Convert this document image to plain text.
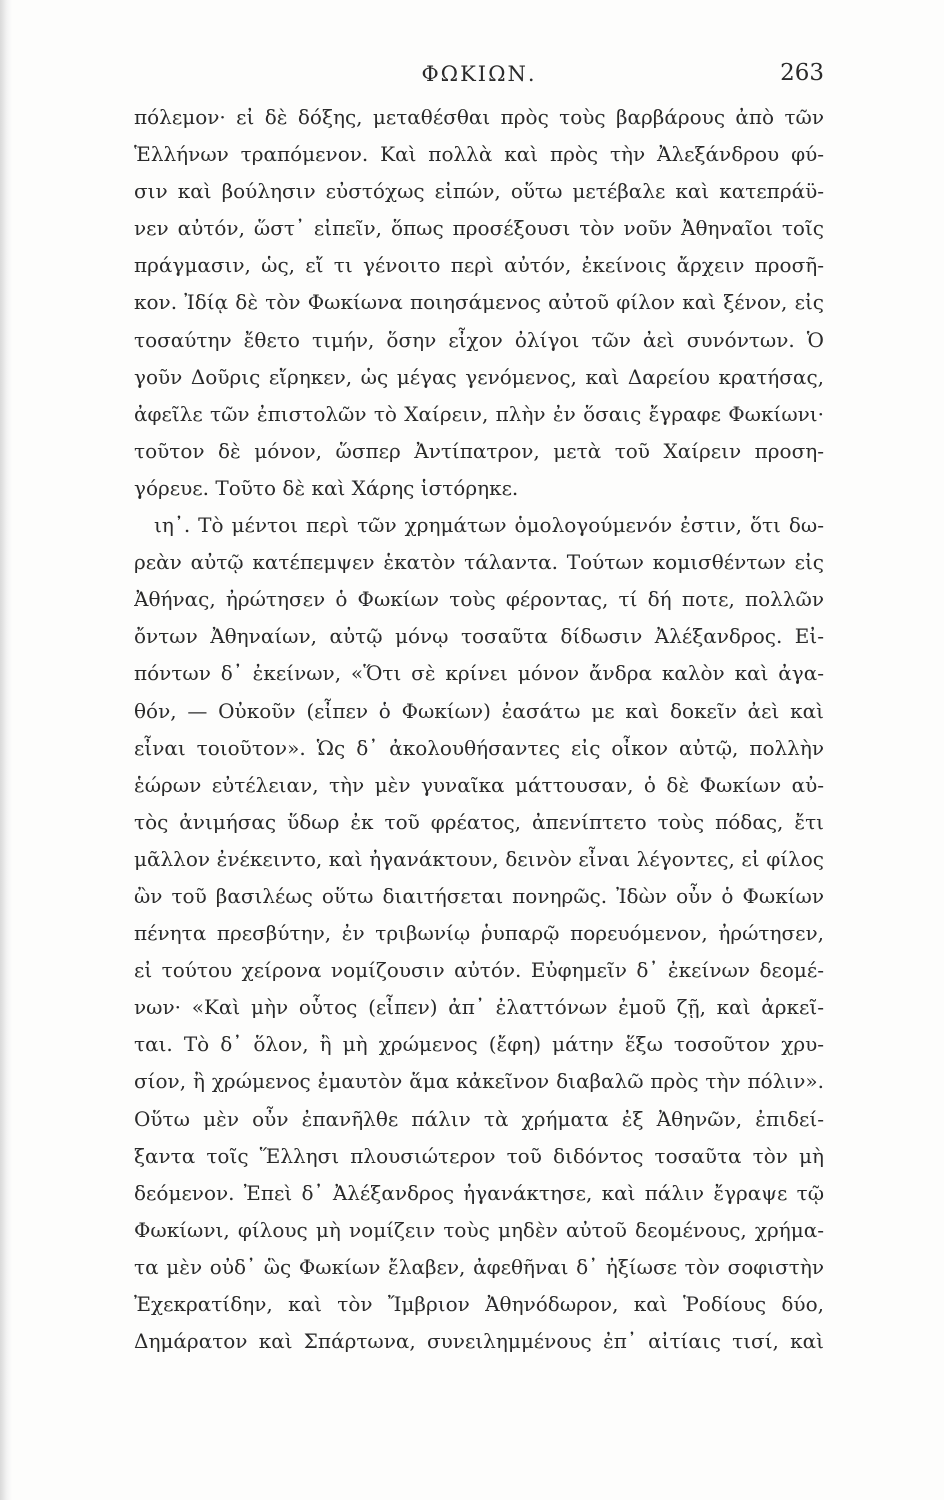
ΦΩΚΙΩΝ.	263
πόλεμον· εἰ δὲ δόξης, μεταθέσθαι πρὸς τοὺς βαρβάρους ἀπὸ τῶν
Ἑλλήνων τραπόμενον. Καὶ πολλὰ καὶ πρὸς τὴν Ἀλεξάνδρου φύ-
σιν καὶ βούλησιν εὐστόχως εἰπών, οὕτω μετέβαλε καὶ κατεπράϋ-
νεν αὐτόν, ὥστ᾽ εἰπεῖν, ὅπως προσέξουσι τὸν νοῦν Ἀθηναῖοι τοῖς
πράγμασιν, ὡς, εἴ τι γένοιτο περὶ αὐτόν, ἐκείνοις ἄρχειν προσῆ-
κον. Ἰδίᾳ δὲ τὸν Φωκίωνα ποιησάμενος αὐτοῦ φίλον καὶ ξένον, εἰς
τοσαύτην ἔθετο τιμήν, ὅσην εἶχον ὀλίγοι τῶν ἀεὶ συνόντων. Ὁ
γοῦν Δοῦρις εἴρηκεν, ὡς μέγας γενόμενος, καὶ Δαρείου κρατήσας,
ἀφεῖλε τῶν ἐπιστολῶν τὸ Χαίρειν, πλὴν ἐν ὅσαις ἔγραφε Φωκίωνι·
τοῦτον δὲ μόνον, ὥσπερ Ἀντίπατρον, μετὰ τοῦ Χαίρειν προση-
γόρευε. Τοῦτο δὲ καὶ Χάρης ἱστόρηκε.
ιη᾽. Τὸ μέντοι περὶ τῶν χρημάτων ὁμολογούμενόν ἐστιν, ὅτι δω-
ρεὰν αὐτῷ κατέπεμψεν ἑκατὸν τάλαντα. Τούτων κομισθέντων εἰς
Ἀθήνας, ἠρώτησεν ὁ Φωκίων τοὺς φέροντας, τί δή ποτε, πολλῶν
ὄντων Ἀθηναίων, αὐτῷ μόνῳ τοσαῦτα δίδωσιν Ἀλέξανδρος. Εἰ-
πόντων δ᾽ ἐκείνων, «Ὅτι σὲ κρίνει μόνον ἄνδρα καλὸν καὶ ἀγα-
θόν, — Οὐκοῦν (εἶπεν ὁ Φωκίων) ἐασάτω με καὶ δοκεῖν ἀεὶ καὶ
εἶναι τοιοῦτον». Ὡς δ᾽ ἀκολουθήσαντες εἰς οἶκον αὐτῷ, πολλὴν
ἑώρων εὐτέλειαν, τὴν μὲν γυναῖκα μάττουσαν, ὁ δὲ Φωκίων αὐ-
τὸς ἀνιμήσας ὕδωρ ἐκ τοῦ φρέατος, ἀπενίπτετο τοὺς πόδας, ἔτι
μᾶλλον ἐνέκειντο, καὶ ἠγανάκτουν, δεινὸν εἶναι λέγοντες, εἰ φίλος
ὢν τοῦ βασιλέως οὕτω διαιτήσεται πονηρῶς. Ἰδὼν οὖν ὁ Φωκίων
πένητα πρεσβύτην, ἐν τριβωνίῳ ῥυπαρῷ πορευόμενον, ἠρώτησεν,
εἰ τούτου χείρονα νομίζουσιν αὐτόν. Εὐφημεῖν δ᾽ ἐκείνων δεομέ-
νων· «Καὶ μὴν οὗτος (εἶπεν) ἀπ᾽ ἐλαττόνων ἐμοῦ ζῇ, καὶ ἀρκεῖ-
ται. Τὸ δ᾽ ὅλον, ἢ μὴ χρώμενος (ἔφη) μάτην ἕξω τοσοῦτον χρυ-
σίον, ἢ χρώμενος ἐμαυτὸν ἅμα κἀκεῖνον διαβαλῶ πρὸς τὴν πόλιν».
Οὕτω μὲν οὖν ἐπανῆλθε πάλιν τὰ χρήματα ἐξ Ἀθηνῶν, ἐπιδεί-
ξαντα τοῖς Ἕλλησι πλουσιώτερον τοῦ διδόντος τοσαῦτα τὸν μὴ
δεόμενον. Ἐπεὶ δ᾽ Ἀλέξανδρος ἠγανάκτησε, καὶ πάλιν ἔγραψε τῷ
Φωκίωνι, φίλους μὴ νομίζειν τοὺς μηδὲν αὐτοῦ δεομένους, χρήμα-
τα μὲν οὐδ᾽ ὣς Φωκίων ἔλαβεν, ἀφεθῆναι δ᾽ ἠξίωσε τὸν σοφιστὴν
Ἐχεκρατίδην, καὶ τὸν Ἴμβριον Ἀθηνόδωρον, καὶ Ῥοδίους δύο,
Δημάρατον καὶ Σπάρτωνα, συνειλημμένους ἐπ᾽ αἰτίαις τισί, καὶ
